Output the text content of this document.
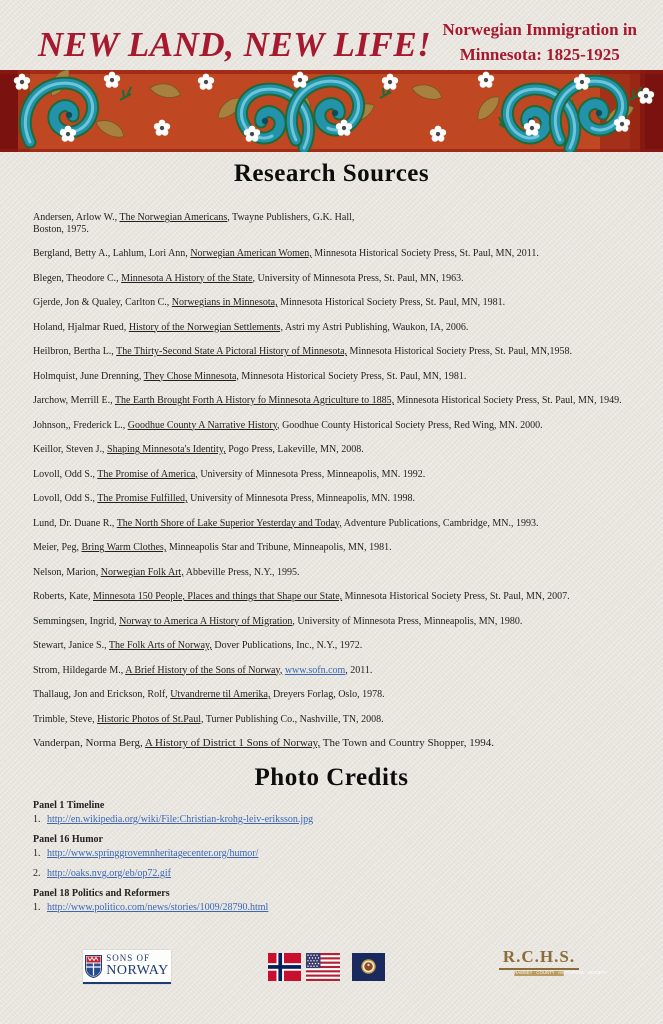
NEW LAND, NEW LIFE! Norwegian Immigration in
Minnesota: 1825-1925
Research Sources
Andersen, Arlow W., The Norwegian Americans, Twayne Publishers, G.K. Hall,
Boston, 1975.
Bergland, Betty A., Lahlum, Lori Ann, Norwegian American Women, Minnesota Historical Society Press, St. Paul, MN, 2011.
Blegen, Theodore C., Minnesota A History of the State, University of Minnesota Press, St. Paul, MN, 1963.
Gjerde, Jon & Qualey, Carlton C., Norwegians in Minnesota, Minnesota Historical Society Press, St. Paul, MN, 1981.
Holand, Hjalmar Rued, History of the Norwegian Settlements, Astri my Astri Publishing, Waukon, IA, 2006.
Heilbron, Bertha L., The Thirty-Second State A Pictoral History of Minnesota, Minnesota Historical Society Press, St. Paul, MN,1958.
Holmquist, June Drenning, They Chose Minnesota, Minnesota Historical Society Press, St. Paul, MN, 1981.
Jarchow, Merrill E., The Earth Brought Forth A History fo Minnesota Agriculture to 1885, Minnesota Historical Society Press, St. Paul, MN, 1949.
Johnson,, Frederick L., Goodhue County A Narrative History, Goodhue County Historical Society Press, Red Wing, MN. 2000.
Keillor, Steven J., Shaping Minnesota's Identity, Pogo Press, Lakeville, MN, 2008.
Lovoll, Odd S., The Promise of America, University of Minnesota Press, Minneapolis, MN. 1992.
Lovoll, Odd S., The Promise Fulfilled, University of Minnesota Press, Minneapolis, MN. 1998.
Lund, Dr. Duane R., The North Shore of Lake Superior Yesterday and Today, Adventure Publications, Cambridge, MN., 1993.
Meier, Peg, Bring Warm Clothes, Minneapolis Star and Tribune, Minneapolis, MN, 1981.
Nelson, Marion, Norwegian Folk Art, Abbeville Press, N.Y., 1995.
Roberts, Kate, Minnesota 150 People, Places and things that Shape our State, Minnesota Historical Society Press, St. Paul, MN, 2007.
Semmingsen, Ingrid, Norway to America A History of Migration, University of Minnesota Press, Minneapolis, MN, 1980.
Stewart, Janice S., The Folk Arts of Norway, Dover Publications, Inc., N.Y., 1972.
Strom, Hildegarde M., A Brief History of the Sons of Norway, www.sofn.com, 2011.
Thallaug, Jon and Erickson, Rolf, Utvandrerne til Amerika, Dreyers Forlag, Oslo, 1978.
Trimble, Steve, Historic Photos of St.Paul, Turner Publishing Co., Nashville, TN, 2008.
Vanderpan, Norma Berg, A History of District 1 Sons of Norway, The Town and Country Shopper, 1994.
Photo Credits
Panel 1 Timeline
1. http://en.wikipedia.org/wiki/File:Christian-krohg-leiv-eriksson.jpg
Panel 16 Humor
1. http://www.springgrovemnheritagecenter.org/humor/
2. http://oaks.nvg.org/eb/op72.gif
Panel 18 Politics and Reformers
1. http://www.politico.com/news/stories/1009/28790.html
SONS OF
NORWAY
R.C.H.S.
RAMSEY · COUNTY · HISTORICAL · SOCIETY
